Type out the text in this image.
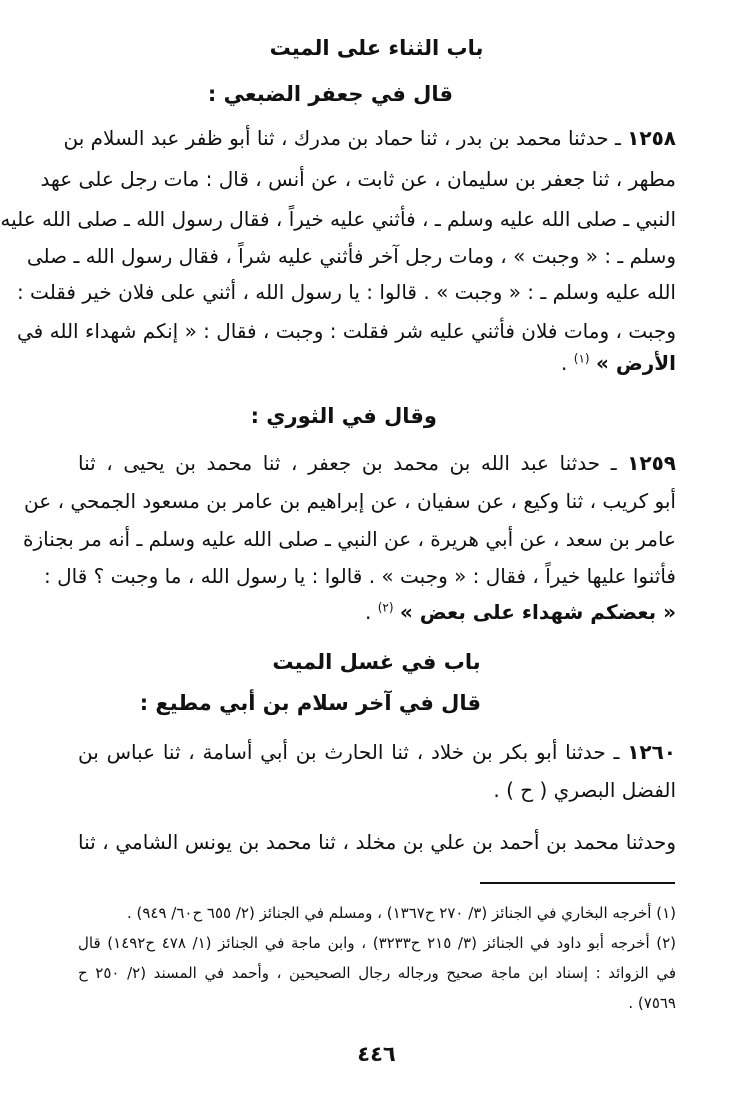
باب الثناء على الميت
قال في جعفر الضبعي :
١٢٥٨ ـ حدثنا محمد بن بدر ، ثنا حماد بن مدرك ، ثنا أبو ظفر عبد السلام بن
مطهر ، ثنا جعفر بن سليمان ، عن ثابت ، عن أنس ، قال : مات رجل على عهد
النبي ـ صلى الله عليه وسلم ـ ، فأثني عليه خيراً ، فقال رسول الله ـ صلى الله عليه
وسلم ـ : « وجبت » ، ومات رجل آخر فأثني عليه شراً ، فقال رسول الله ـ صلى
الله عليه وسلم ـ : « وجبت » . قالوا : يا رسول الله ، أثني على فلان خير فقلت :
وجبت ، ومات فلان فأثني عليه شر فقلت : وجبت ، فقال : « إنكم شهداء الله في
الأرض » $^{(١)}$ .
وقال في الثوري :
١٢٥٩ ـ حدثنا عبد الله بن محمد بن جعفر ، ثنا محمد بن يحيى ، ثنا
أبو كريب ، ثنا وكيع ، عن سفيان ، عن إبراهيم بن عامر بن مسعود الجمحي ، عن
عامر بن سعد ، عن أبي هريرة ، عن النبي ـ صلى الله عليه وسلم ـ أنه مر بجنازة
فأثنوا عليها خيراً ، فقال : « وجبت » . قالوا : يا رسول الله ، ما وجبت ؟ قال :
« بعضكم شهداء على بعض » $^{(٢)}$ .
باب في غسل الميت
قال في آخر سلام بن أبي مطيع :
١٢٦٠ ـ حدثنا أبو بكر بن خلاد ، ثنا الحارث بن أبي أسامة ، ثنا عباس بن
الفضل البصري ( ح ) .
وحدثنا محمد بن أحمد بن علي بن مخلد ، ثنا محمد بن يونس الشامي ، ثنا
(١) أخرجه البخاري في الجنائز (٣/ ٢٧٠ ح١٣٦٧) ، ومسلم في الجنائز (٢/ ٦٥٥ ح٦٠/ ٩٤٩) .
(٢) أخرجه أبو داود في الجنائز (٣/ ٢١٥ ح٣٢٣٣) ، وابن ماجة في الجنائز (١/ ٤٧٨ ح١٤٩٢) قال
في الزوائد : إسناد ابن ماجة صحيح ورجاله رجال الصحيحين ، وأحمد في المسند (٢/ ٢٥٠ ح
٧٥٦٩) .
٤٤٦
